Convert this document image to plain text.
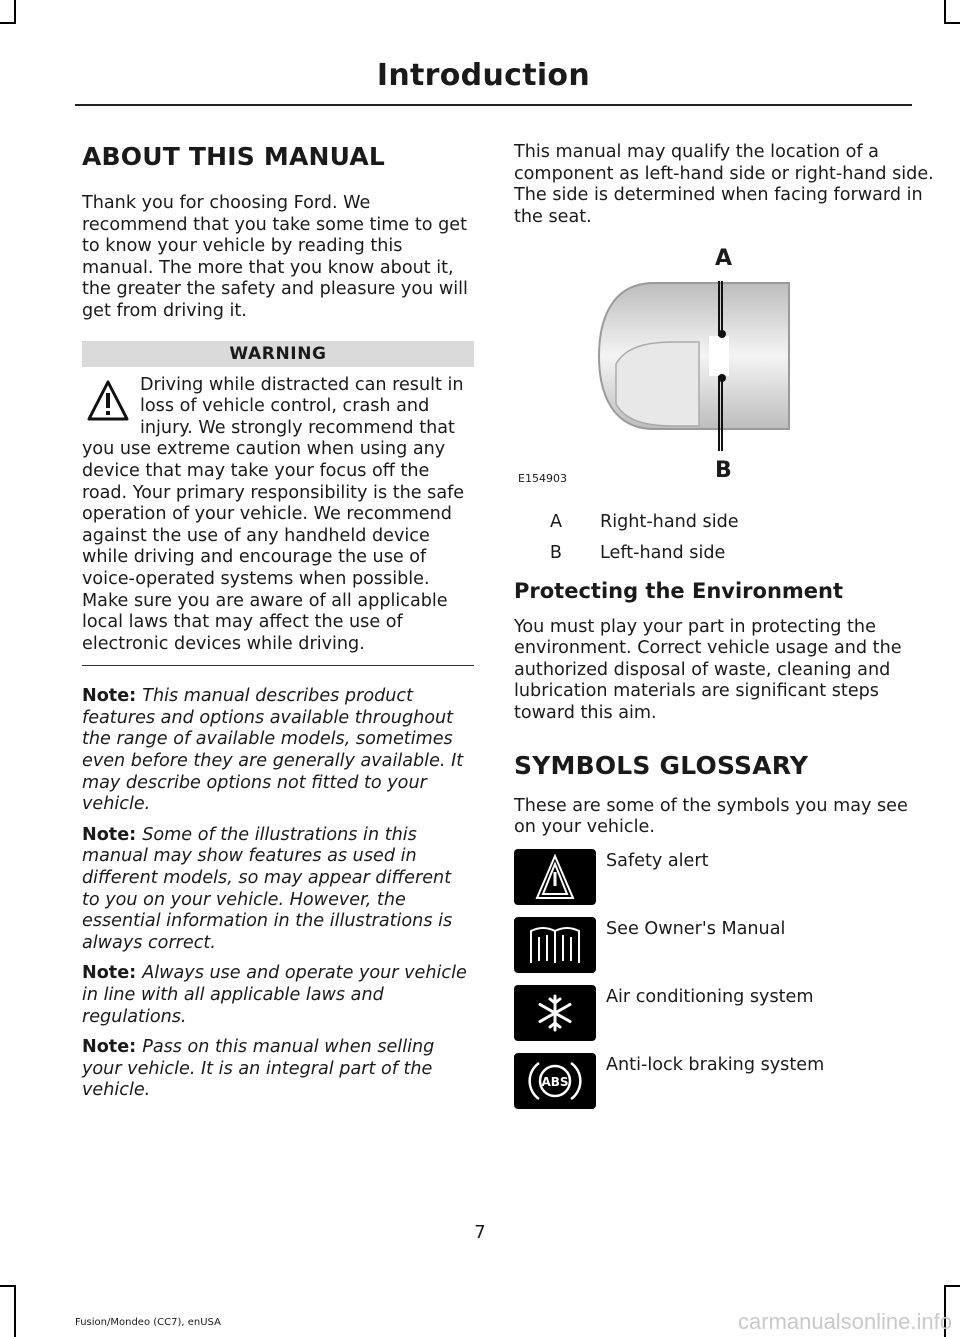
Introduction
ABOUT THIS MANUAL

Thank you for choosing Ford. We recommend that you take some time to get to know your vehicle by reading this manual. The more that you know about it, the greater the safety and pleasure you will get from driving it.

WARNING
Driving while distracted can result in loss of vehicle control, crash and injury. We strongly recommend that you use extreme caution when using any device that may take your focus off the road. Your primary responsibility is the safe operation of your vehicle. We recommend against the use of any handheld device while driving and encourage the use of voice-operated systems when possible. Make sure you are aware of all applicable local laws that may affect the use of electronic devices while driving.

Note: This manual describes product features and options available throughout the range of available models, sometimes even before they are generally available. It may describe options not fitted to your vehicle.

Note: Some of the illustrations in this manual may show features as used in different models, so may appear different to you on your vehicle. However, the essential information in the illustrations is always correct.

Note: Always use and operate your vehicle in line with all applicable laws and regulations.

Note: Pass on this manual when selling your vehicle. It is an integral part of the vehicle.

This manual may qualify the location of a component as left-hand side or right-hand side. The side is determined when facing forward in the seat.

A
B
E154903
A	Right-hand side
B	Left-hand side
Protecting the Environment

You must play your part in protecting the environment. Correct vehicle usage and the authorized disposal of waste, cleaning and lubrication materials are significant steps toward this aim.

SYMBOLS GLOSSARY

These are some of the symbols you may see on your vehicle.

Safety alert
See Owner's Manual
Air conditioning system
ABS
Anti-lock braking system
7
Fusion/Mondeo (CC7), enUSA	carmanualsonline.info
